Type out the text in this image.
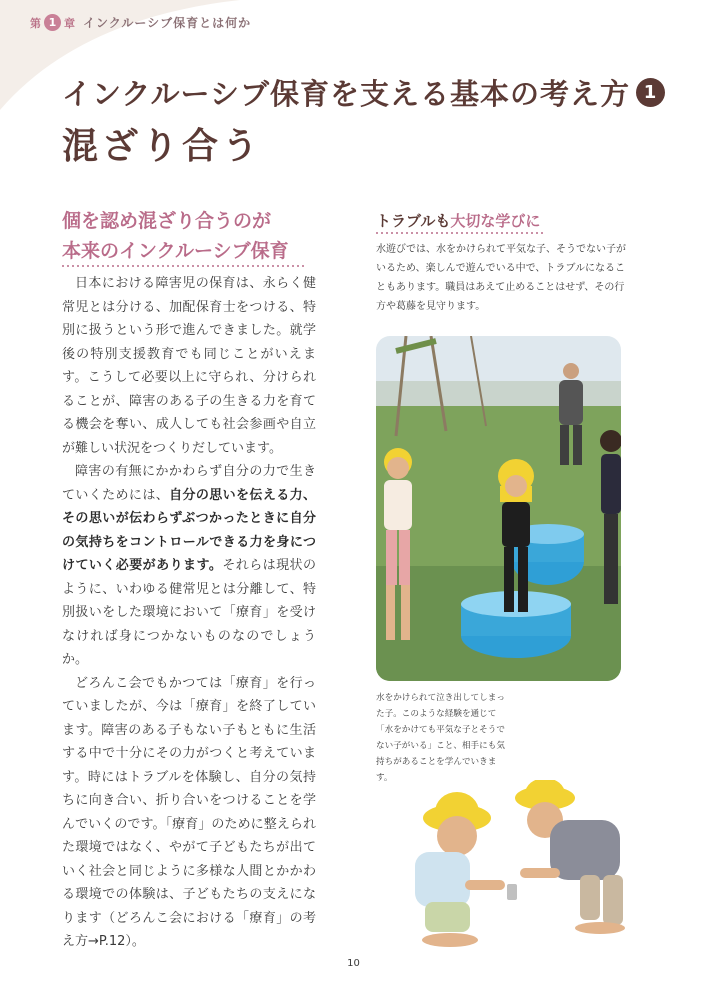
第 1 章 インクルーシブ保育とは何か
インクルーシブ保育を支える基本の考え方 1
混ざり合う
個を認め混ざり合うのが
本来のインクルーシブ保育

日本における障害児の保育は、永らく健常児とは分ける、加配保育士をつける、特別に扱うという形で進んできました。就学後の特別支援教育でも同じことがいえます。こうして必要以上に守られ、分けられることが、障害のある子の生きる力を育てる機会を奪い、成人しても社会参画や自立が難しい状況をつくりだしています。

障害の有無にかかわらず自分の力で生きていくためには、自分の思いを伝える力、その思いが伝わらずぶつかったときに自分の気持ちをコントロールできる力を身につけていく必要があります。それらは現状のように、いわゆる健常児とは分離して、特別扱いをした環境において「療育」を受けなければ身につかないものなのでしょうか。

どろんこ会でもかつては「療育」を行っていましたが、今は「療育」を終了しています。障害のある子もない子もともに生活する中で十分にその力がつくと考えています。時にはトラブルを体験し、自分の気持ちに向き合い、折り合いをつけることを学んでいくのです。「療育」のために整えられた環境ではなく、やがて子どもたちが出ていく社会と同じように多様な人間とかかわる環境での体験は、子どもたちの支えになります（どろんこ会における「療育」の考え方→P.12）。

トラブルも大切な学びに
水遊びでは、水をかけられて平気な子、そうでない子がいるため、楽しんで遊んでいる中で、トラブルになることもあります。職員はあえて止めることはせず、その行方や葛藤を見守ります。
水をかけられて泣き出してしまった子。このような経験を通じて「水をかけても平気な子とそうでない子がいる」こと、相手にも気持ちがあることを学んでいきます。
10
